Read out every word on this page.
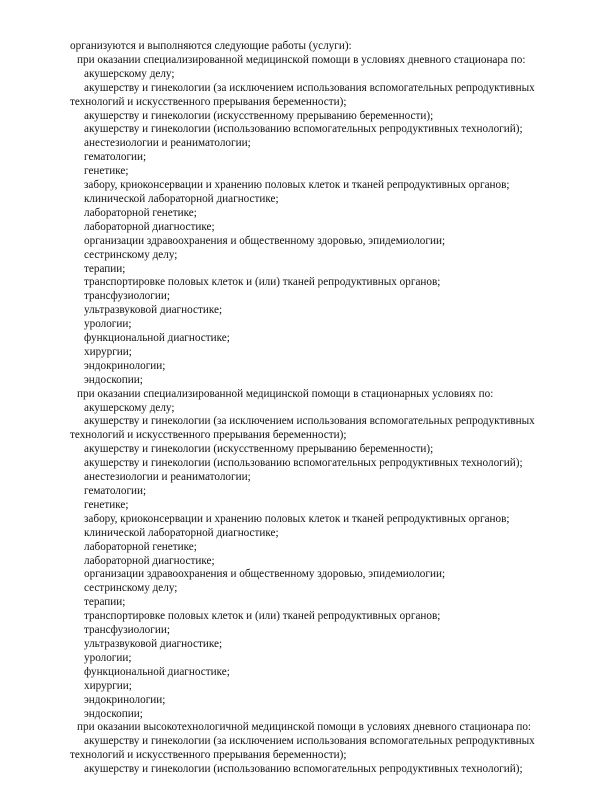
организуются и выполняются следующие работы (услуги):
при оказании специализированной медицинской помощи в условиях дневного стационара по:
акушерскому делу;
акушерству и гинекологии (за исключением использования вспомогательных репродуктивных
технологий и искусственного прерывания беременности);
акушерству и гинекологии (искусственному прерыванию беременности);
акушерству и гинекологии (использованию вспомогательных репродуктивных технологий);
анестезиологии и реаниматологии;
гематологии;
генетике;
забору, криоконсервации и хранению половых клеток и тканей репродуктивных органов;
клинической лабораторной диагностике;
лабораторной генетике;
лабораторной диагностике;
организации здравоохранения и общественному здоровью, эпидемиологии;
сестринскому делу;
терапии;
транспортировке половых клеток и (или) тканей репродуктивных органов;
трансфузиологии;
ультразвуковой диагностике;
урологии;
функциональной диагностике;
хирургии;
эндокринологии;
эндоскопии;
при оказании специализированной медицинской помощи в стационарных условиях по:
акушерскому делу;
акушерству и гинекологии (за исключением использования вспомогательных репродуктивных
технологий и искусственного прерывания беременности);
акушерству и гинекологии (искусственному прерыванию беременности);
акушерству и гинекологии (использованию вспомогательных репродуктивных технологий);
анестезиологии и реаниматологии;
гематологии;
генетике;
забору, криоконсервации и хранению половых клеток и тканей репродуктивных органов;
клинической лабораторной диагностике;
лабораторной генетике;
лабораторной диагностике;
организации здравоохранения и общественному здоровью, эпидемиологии;
сестринскому делу;
терапии;
транспортировке половых клеток и (или) тканей репродуктивных органов;
трансфузиологии;
ультразвуковой диагностике;
урологии;
функциональной диагностике;
хирургии;
эндокринологии;
эндоскопии;
при оказании высокотехнологичной медицинской помощи в условиях дневного стационара по:
акушерству и гинекологии (за исключением использования вспомогательных репродуктивных
технологий и искусственного прерывания беременности);
акушерству и гинекологии (использованию вспомогательных репродуктивных технологий);
